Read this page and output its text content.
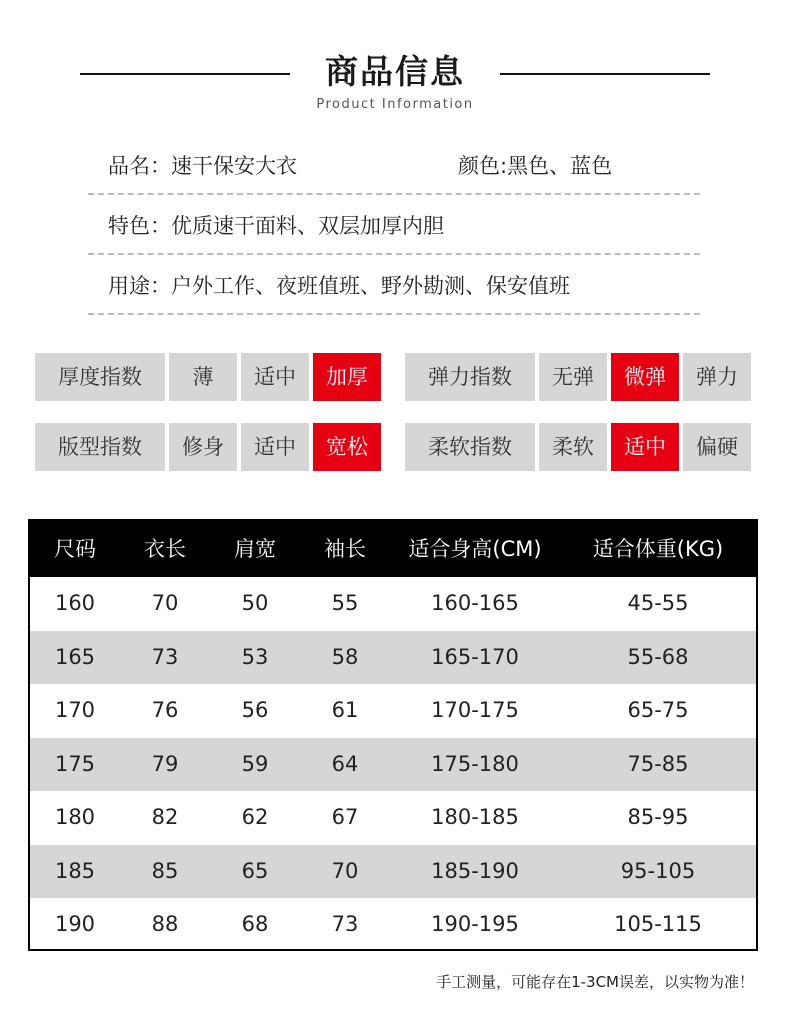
商品信息
Product Information
品名：速干保安大衣	颜色:黑色、蓝色
特色：优质速干面料、双层加厚内胆
用途：户外工作、夜班值班、野外勘测、保安值班
厚度指数	薄	适中	加厚	弹力指数	无弹	微弹	弹力
版型指数	修身	适中	宽松	柔软指数	柔软	适中	偏硬
尺码	衣长	肩宽	袖长	适合身高(CM)	适合体重(KG)
160	70	50	55	160-165	45-55
165	73	53	58	165-170	55-68
170	76	56	61	170-175	65-75
175	79	59	64	175-180	75-85
180	82	62	67	180-185	85-95
185	85	65	70	185-190	95-105
190	88	68	73	190-195	105-115
手工测量，可能存在1-3CM误差，以实物为准！
